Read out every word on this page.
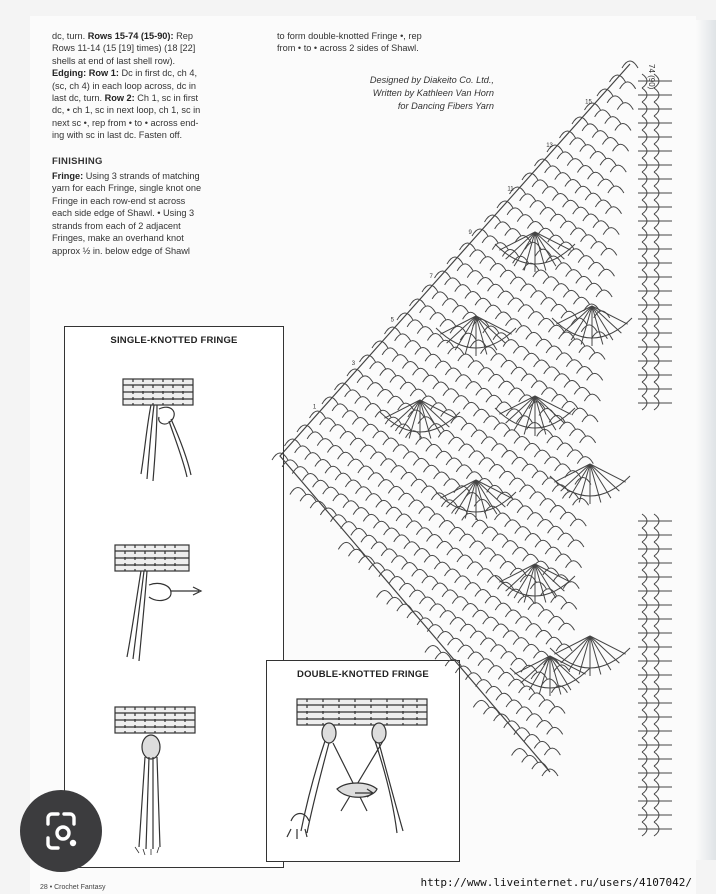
dc, turn. Rows 15-74 (15-90): Rep
Rows 11-14 (15 [19] times) (18 [22]
shells at end of last shell row).
Edging: Row 1: Dc in first dc, ch 4,
(sc, ch 4) in each loop across, dc in
last dc, turn. Row 2: Ch 1, sc in first
dc, • ch 1, sc in next loop, ch 1, sc in
next sc •, rep from • to • across end-
ing with sc in last dc. Fasten off.

FINISHING

Fringe: Using 3 strands of matching
yarn for each Fringe, single knot one
Fringe in each row-end st across
each side edge of Shawl. • Using 3
strands from each of 2 adjacent
Fringes, make an overhand knot
approx ½ in. below edge of Shawl

to form double-knotted Fringe •, rep
from • to • across 2 sides of Shawl.
Designed by Diakeito Co. Ltd.,
Written by Kathleen Van Horn
for Dancing Fibers Yarn
SINGLE-KNOTTED FRINGE
DOUBLE-KNOTTED FRINGE
15
13
11
9
7
5
3
1
74 (90)
28 • Crochet Fantasy	http://www.liveinternet.ru/users/4107042/
